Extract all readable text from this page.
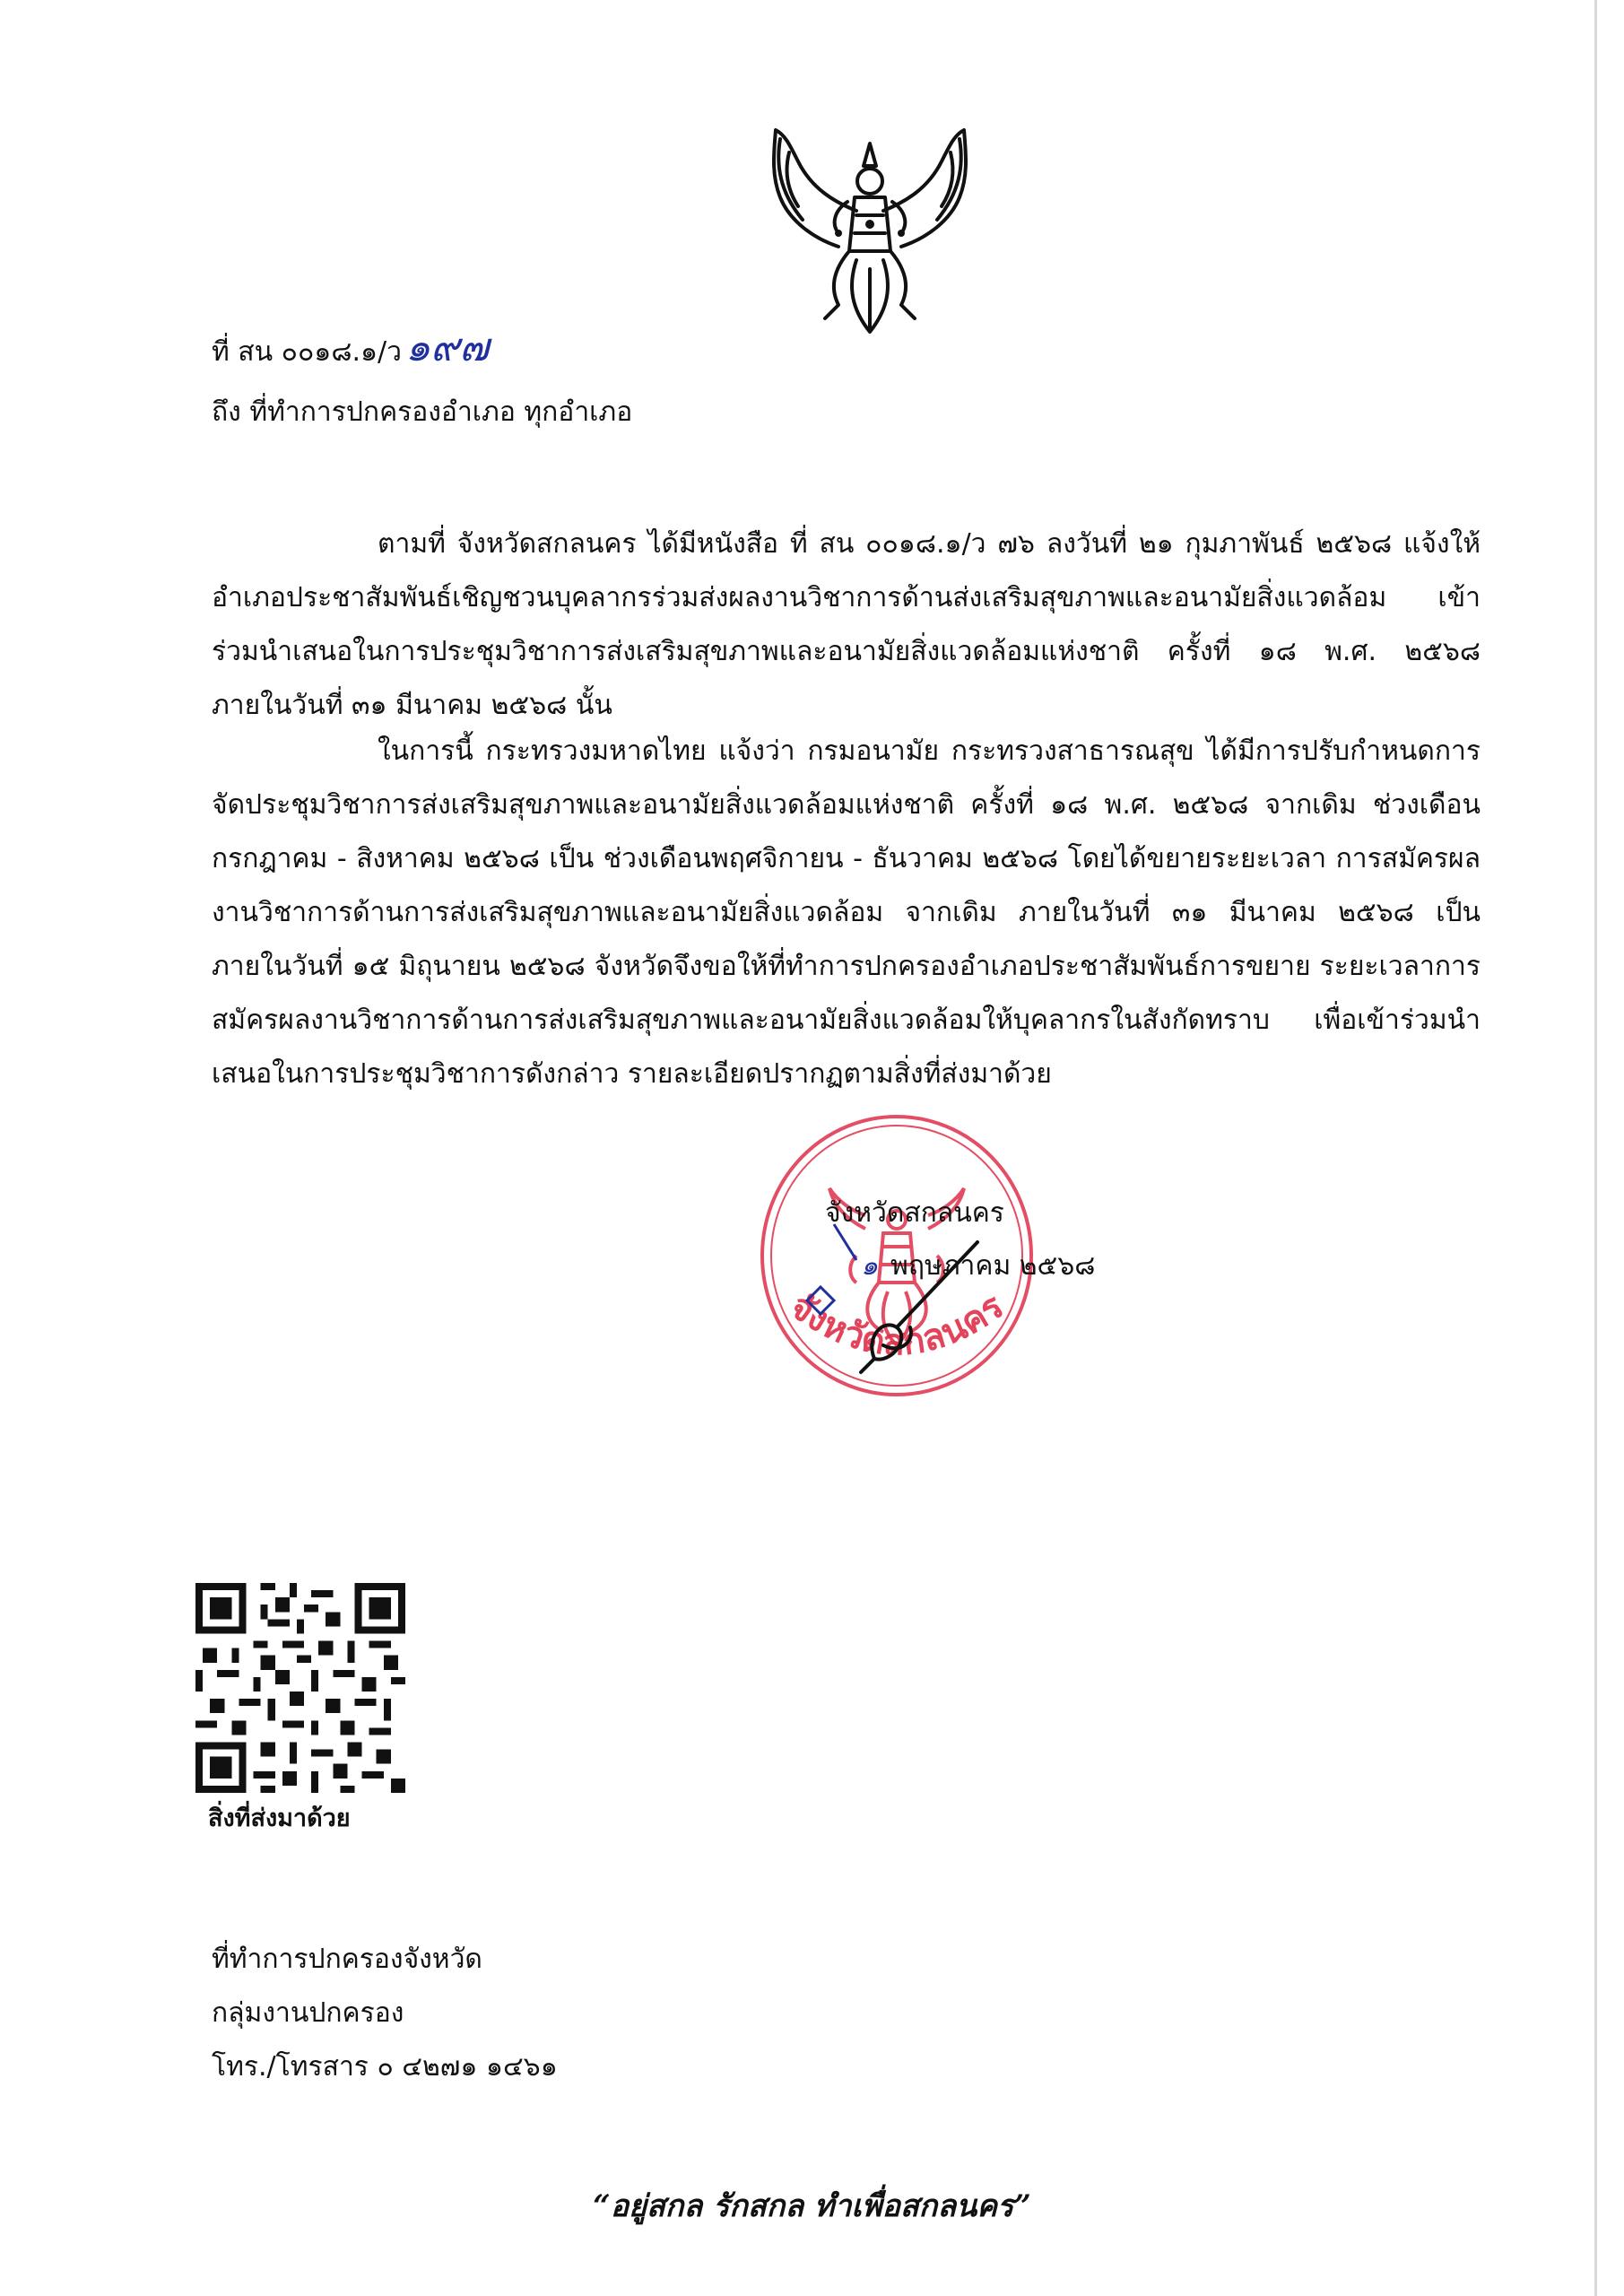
ที่ สน ๐๐๑๘.๑/ว๑๙๗
ถึง ที่ทำการปกครองอำเภอ ทุกอำเภอ
ตามที่ จังหวัดสกลนคร ได้มีหนังสือ ที่ สน ๐๐๑๘.๑/ว ๗๖ ลงวันที่ ๒๑ กุมภาพันธ์ ๒๕๖๘ แจ้งให้อำเภอประชาสัมพันธ์เชิญชวนบุคลากรร่วมส่งผลงานวิชาการด้านส่งเสริมสุขภาพและอนามัยสิ่งแวดล้อม เข้าร่วมนำเสนอในการประชุมวิชาการส่งเสริมสุขภาพและอนามัยสิ่งแวดล้อมแห่งชาติ ครั้งที่ ๑๘ พ.ศ. ๒๕๖๘ ภายในวันที่ ๓๑ มีนาคม ๒๕๖๘ นั้น
ในการนี้ กระทรวงมหาดไทย แจ้งว่า กรมอนามัย กระทรวงสาธารณสุข ได้มีการปรับกำหนดการ จัดประชุมวิชาการส่งเสริมสุขภาพและอนามัยสิ่งแวดล้อมแห่งชาติ ครั้งที่ ๑๘ พ.ศ. ๒๕๖๘ จากเดิม ช่วงเดือนกรกฎาคม - สิงหาคม ๒๕๖๘ เป็น ช่วงเดือนพฤศจิกายน - ธันวาคม ๒๕๖๘ โดยได้ขยายระยะเวลา การสมัครผลงานวิชาการด้านการส่งเสริมสุขภาพและอนามัยสิ่งแวดล้อม จากเดิม ภายในวันที่ ๓๑ มีนาคม ๒๕๖๘ เป็น ภายในวันที่ ๑๕ มิถุนายน ๒๕๖๘ จังหวัดจึงขอให้ที่ทำการปกครองอำเภอประชาสัมพันธ์การขยาย ระยะเวลาการสมัครผลงานวิชาการด้านการส่งเสริมสุขภาพและอนามัยสิ่งแวดล้อมให้บุคลากรในสังกัดทราบ เพื่อเข้าร่วมนำเสนอในการประชุมวิชาการดังกล่าว รายละเอียดปรากฏตามสิ่งที่ส่งมาด้วย
จังหวัดสกลนคร
จังหวัดสกลนคร
๑ พฤษภาคม ๒๕๖๘
สิ่งที่ส่งมาด้วย
ที่ทำการปกครองจังหวัด
กลุ่มงานปกครอง
โทร./โทรสาร ๐ ๔๒๗๑ ๑๔๖๑
“อยู่สกล รักสกล ทำเพื่อสกลนคร”
